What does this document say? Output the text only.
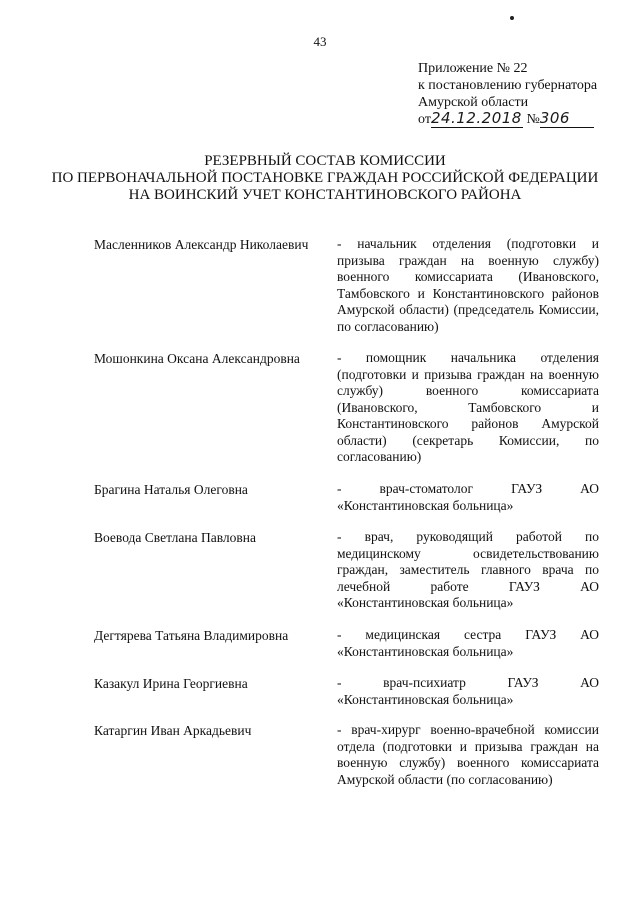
43
Приложение № 22
к постановлению губернатора
Амурской области
от24.12.2018 №306
РЕЗЕРВНЫЙ СОСТАВ КОМИССИИ
ПО ПЕРВОНАЧАЛЬНОЙ ПОСТАНОВКЕ ГРАЖДАН РОССИЙСКОЙ ФЕДЕРАЦИИ
НА ВОИНСКИЙ УЧЕТ КОНСТАНТИНОВСКОГО РАЙОНА
Масленников Александр Николаевич	- начальник отделения (подготовки и призыва граждан на военную службу) военного комиссариата (Ивановского, Тамбовского и Константиновского районов Амурской области) (председатель Комиссии, по согласованию)
Мошонкина Оксана Александровна	- помощник начальника отделения (подготовки и призыва граждан на военную службу) военного комиссариата (Ивановского, Тамбовского и Константиновского районов Амурской области) (секретарь Комиссии, по согласованию)
Брагина Наталья Олеговна	- врач-стоматолог ГАУЗ АО «Константиновская больница»
Воевода Светлана Павловна	- врач, руководящий работой по медицинскому освидетельствованию граждан, заместитель главного врача по лечебной работе ГАУЗ АО «Константиновская больница»
Дегтярева Татьяна Владимировна	- медицинская сестра ГАУЗ АО «Константиновская больница»
Казакул Ирина Георгиевна	- врач-психиатр ГАУЗ АО «Константиновская больница»
Катаргин Иван Аркадьевич	- врач-хирург военно-врачебной комиссии отдела (подготовки и призыва граждан на военную службу) военного комиссариата Амурской области (по согласованию)
